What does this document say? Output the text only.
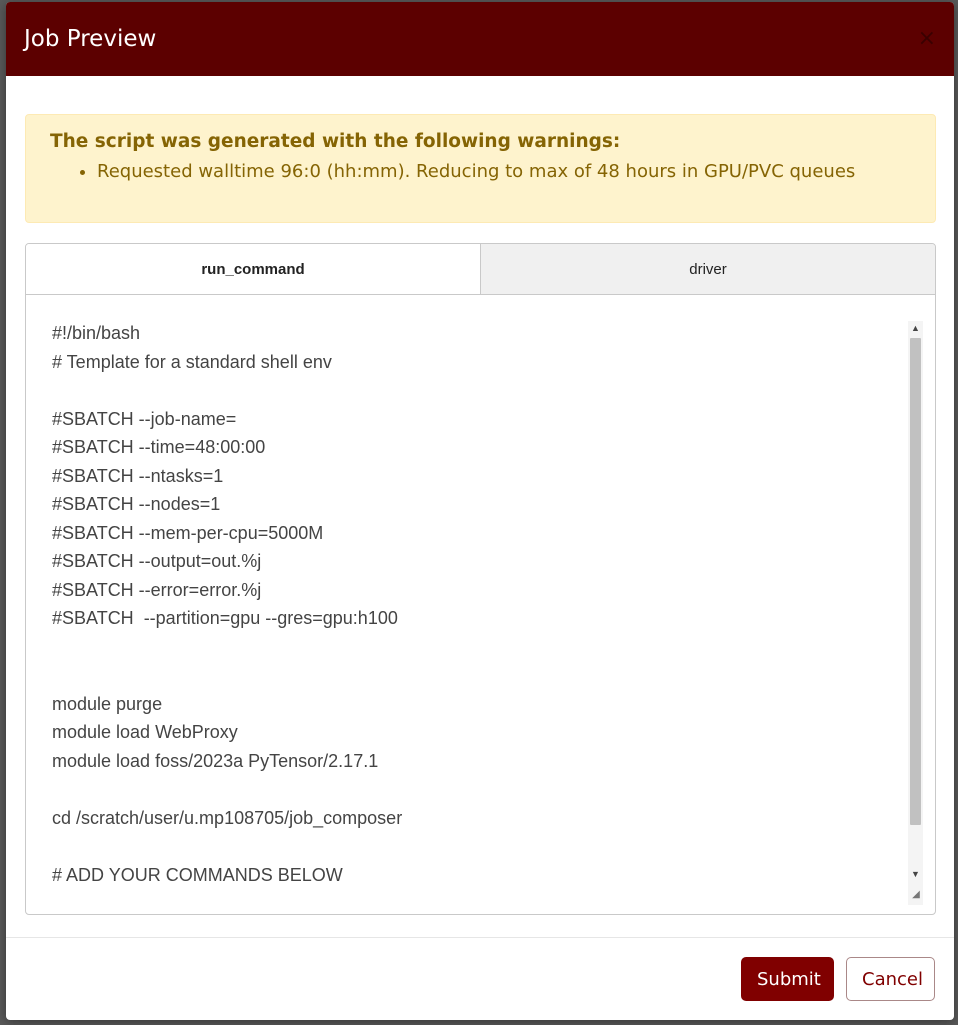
Job Preview	×

The script was generated with the following warnings:

• Requested walltime 96:0 (hh:mm). Reducing to max of 48 hours in GPU/PVC queues
run_command	driver
#!/bin/bash
# Template for a standard shell env

#SBATCH --job-name=
#SBATCH --time=48:00:00
#SBATCH --ntasks=1
#SBATCH --nodes=1
#SBATCH --mem-per-cpu=5000M
#SBATCH --output=out.%j
#SBATCH --error=error.%j
#SBATCH  --partition=gpu --gres=gpu:h100

module purge
module load WebProxy
module load foss/2023a PyTensor/2.17.1

cd /scratch/user/u.mp108705/job_composer

# ADD YOUR COMMANDS BELOW
▲
▼
◢
Submit	Cancel
